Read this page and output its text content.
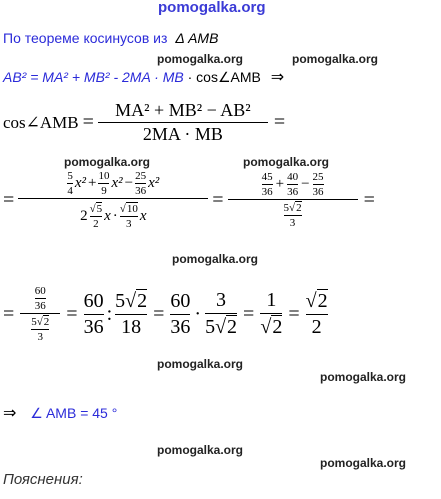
pomogalka.org
По теореме косинусов из Δ AMB
pomogalka.org	pomogalka.org
AB² = MA² + MB² - 2MA · MB · cos∠AMB ⇒
cos∠AMB = $\frac{\text{MA² + MB² − AB²}}{2MA \cdot MB}$ =
pomogalka.org	pomogalka.org
=
$\frac{5}{4} x^2 + \frac{10}{9} x^2 - \frac{25}{36} x^2$
$2 \frac{√5}{2}$ $x \cdot \frac{√10}{3}$ x
= $\frac{\frac{45}{36} + \frac{40}{36} - \frac{25}{36}}{\frac{5√2}{3}}$ =
pomogalka.org
= $\frac{\frac{60}{36}}{\frac{5√2}{3}} = \frac{60}{36}$ : $\frac{5√2}{18} = \frac{60}{36} \cdot \frac{3}{5√2} = \frac{1}{√2} = \frac{√2}{2}$
pomogalka.org
pomogalka.org
⇒ ∠ AMB = 45 °
pomogalka.org
pomogalka.org
Пояснения:
